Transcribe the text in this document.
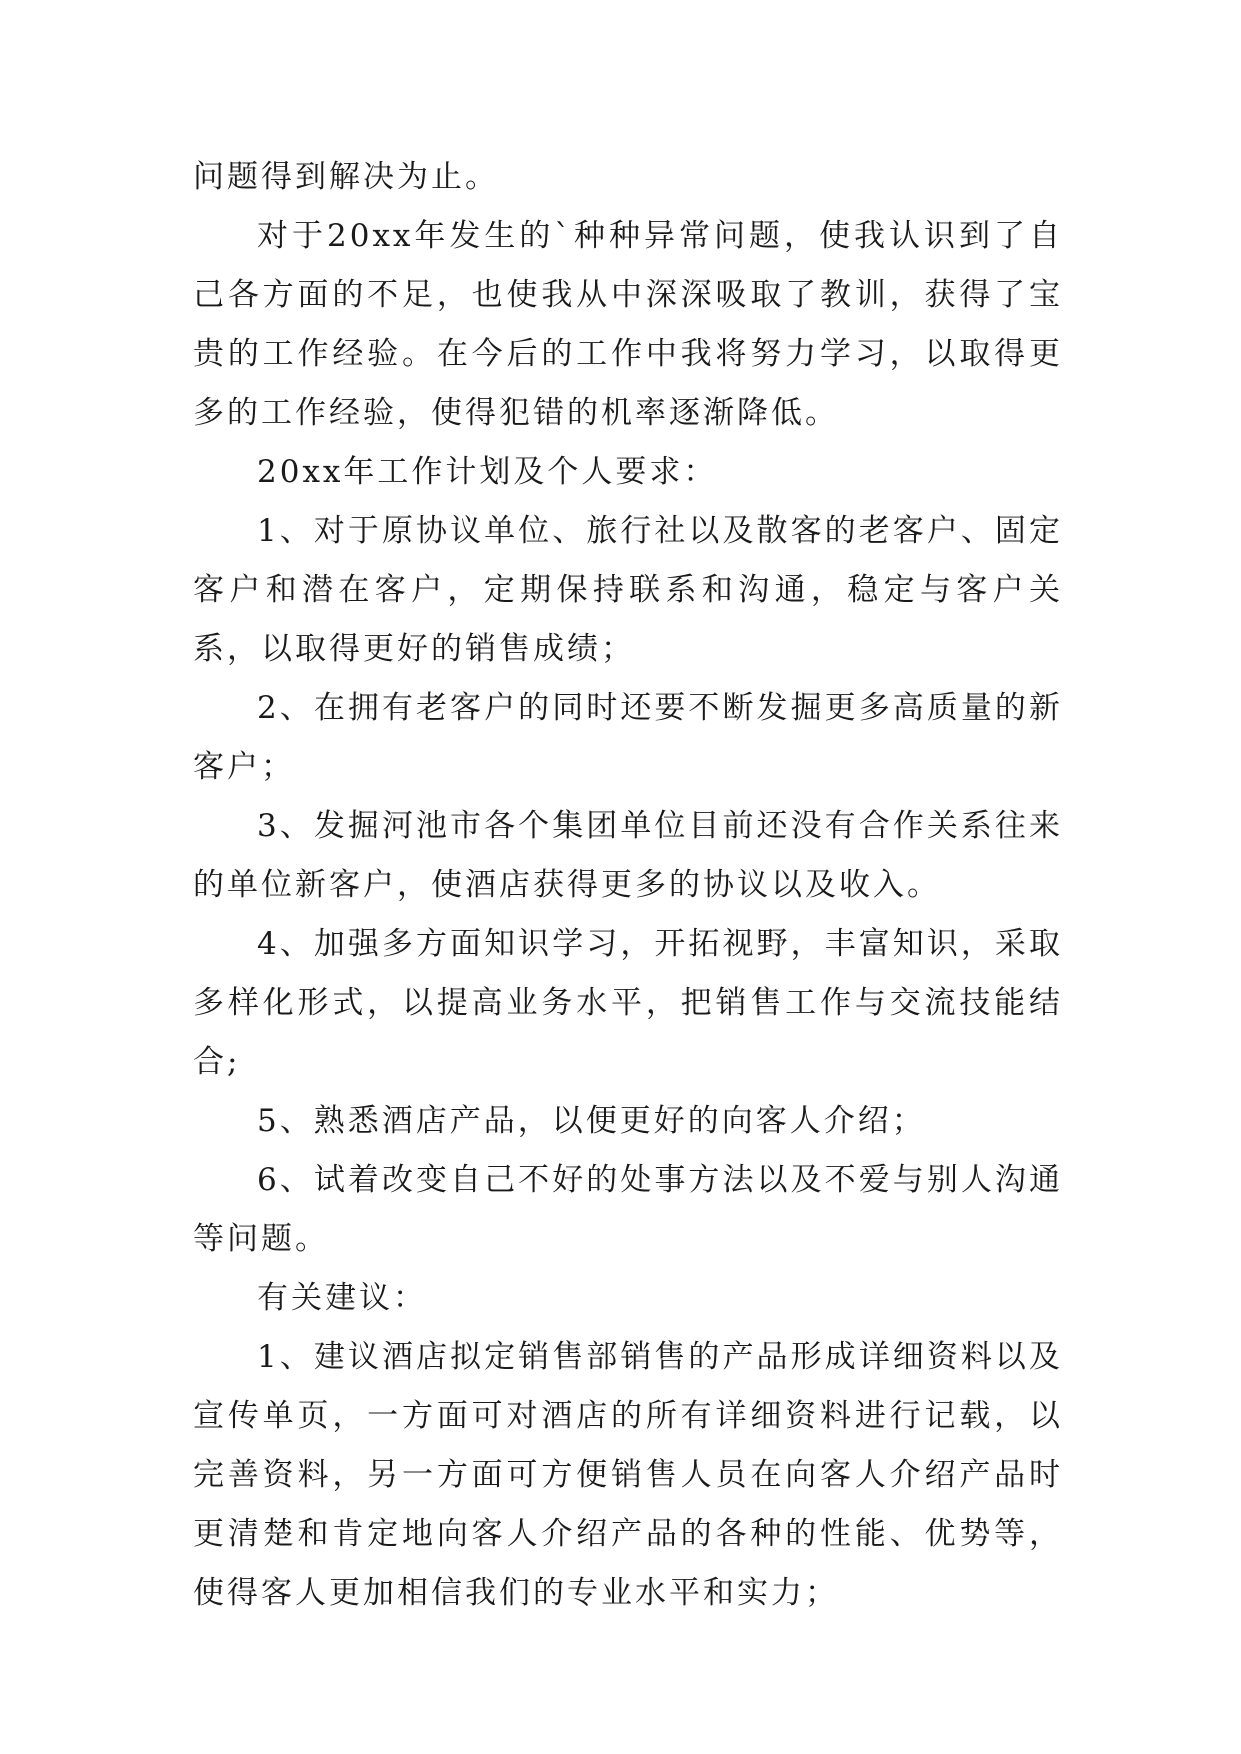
问题得到解决为止。

对于20xx年发生的`种种异常问题，使我认识到了自己各方面的不足，也使我从中深深吸取了教训，获得了宝贵的工作经验。在今后的工作中我将努力学习，以取得更多的工作经验，使得犯错的机率逐渐降低。

20xx年工作计划及个人要求：

1、对于原协议单位、旅行社以及散客的老客户、固定客户和潜在客户，定期保持联系和沟通，稳定与客户关系，以取得更好的销售成绩；

2、在拥有老客户的同时还要不断发掘更多高质量的新客户；

3、发掘河池市各个集团单位目前还没有合作关系往来的单位新客户，使酒店获得更多的协议以及收入。

4、加强多方面知识学习，开拓视野，丰富知识，采取多样化形式，以提高业务水平，把销售工作与交流技能结合;

5、熟悉酒店产品，以便更好的向客人介绍；

6、试着改变自己不好的处事方法以及不爱与别人沟通等问题。

有关建议：

1、建议酒店拟定销售部销售的产品形成详细资料以及宣传单页，一方面可对酒店的所有详细资料进行记载，以完善资料，另一方面可方便销售人员在向客人介绍产品时更清楚和肯定地向客人介绍产品的各种的性能、优势等，使得客人更加相信我们的专业水平和实力；
